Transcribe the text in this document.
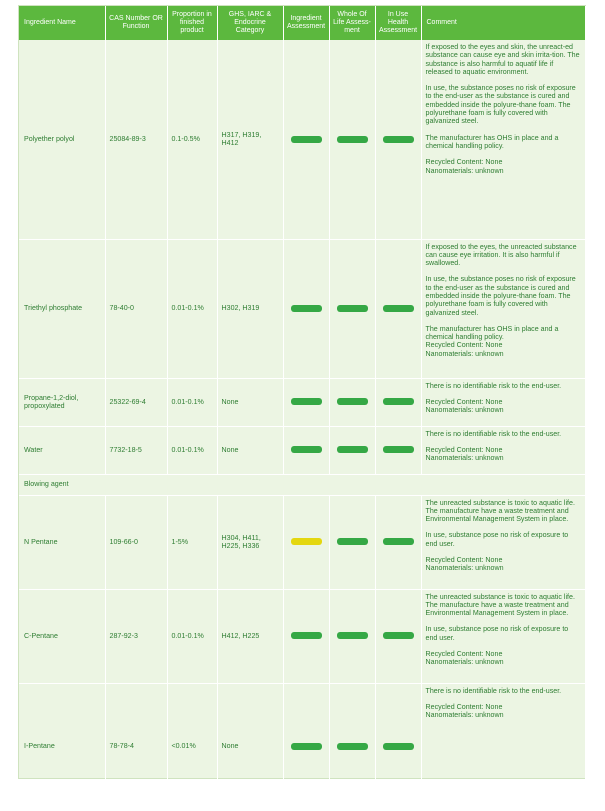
Ingredient Name	CAS Number OR Function	Proportion in finished product	GHS, IARC & Endocrine Category	Ingredient Assessment	Whole Of Life Assess-ment	In Use Health Assessment	Comment
Polyether polyol	25084-89-3	0.1-0.5%	H317, H319, H412				If exposed to the eyes and skin, the unreact-ed substance can cause eye and skin irrita-tion. The substance is also harmful to aquatif life if released to aquatic environment.

In use, the substance poses no risk of exposure to the end-user as the substance is cured and embedded inside the polyure-thane foam. The polyurethane foam is fully covered with galvanized steel.

The manufacturer has OHS in place and a chemical handling policy.

Recycled Content: None

Nanomaterials: unknown

Triethyl phosphate	78-40-0	0.01-0.1%	H302, H319				If exposed to the eyes, the unreacted substance can cause eye irritation. It is also harmful if swallowed.

In use, the substance poses no risk of exposure to the end-user as the substance is cured and embedded inside the polyure-thane foam. The polyurethane foam is fully covered with galvanized steel.

The manufacturer has OHS in place and a chemical handling policy.

Recycled Content: None

Nanomaterials: unknown

Propane-1,2-diol, propoxylated	25322-69-4	0.01-0.1%	None				There is no identifiable risk to the end-user.

Recycled Content: None

Nanomaterials: unknown

Water	7732-18-5	0.01-0.1%	None				There is no identifiable risk to the end-user.

Recycled Content: None

Nanomaterials: unknown

Blowing agent							
N Pentane	109-66-0	1-5%	H304, H411, H225, H336				The unreacted substance is toxic to aquatic life. The manufacture have a waste treatment and Environmental Management System in place.

In use, substance pose no risk of exposure to end user.

Recycled Content: None

Nanomaterials: unknown

C-Pentane	287-92-3	0.01-0.1%	H412, H225				The unreacted substance is toxic to aquatic life. The manufacture have a waste treatment and Environmental Management System in place.

In use, substance pose no risk of exposure to end user.

Recycled Content: None

Nanomaterials: unknown

I-Pentane	78-78-4	<0.01%	None				There is no identifiable risk to the end-user.

Recycled Content: None

Nanomaterials: unknown
